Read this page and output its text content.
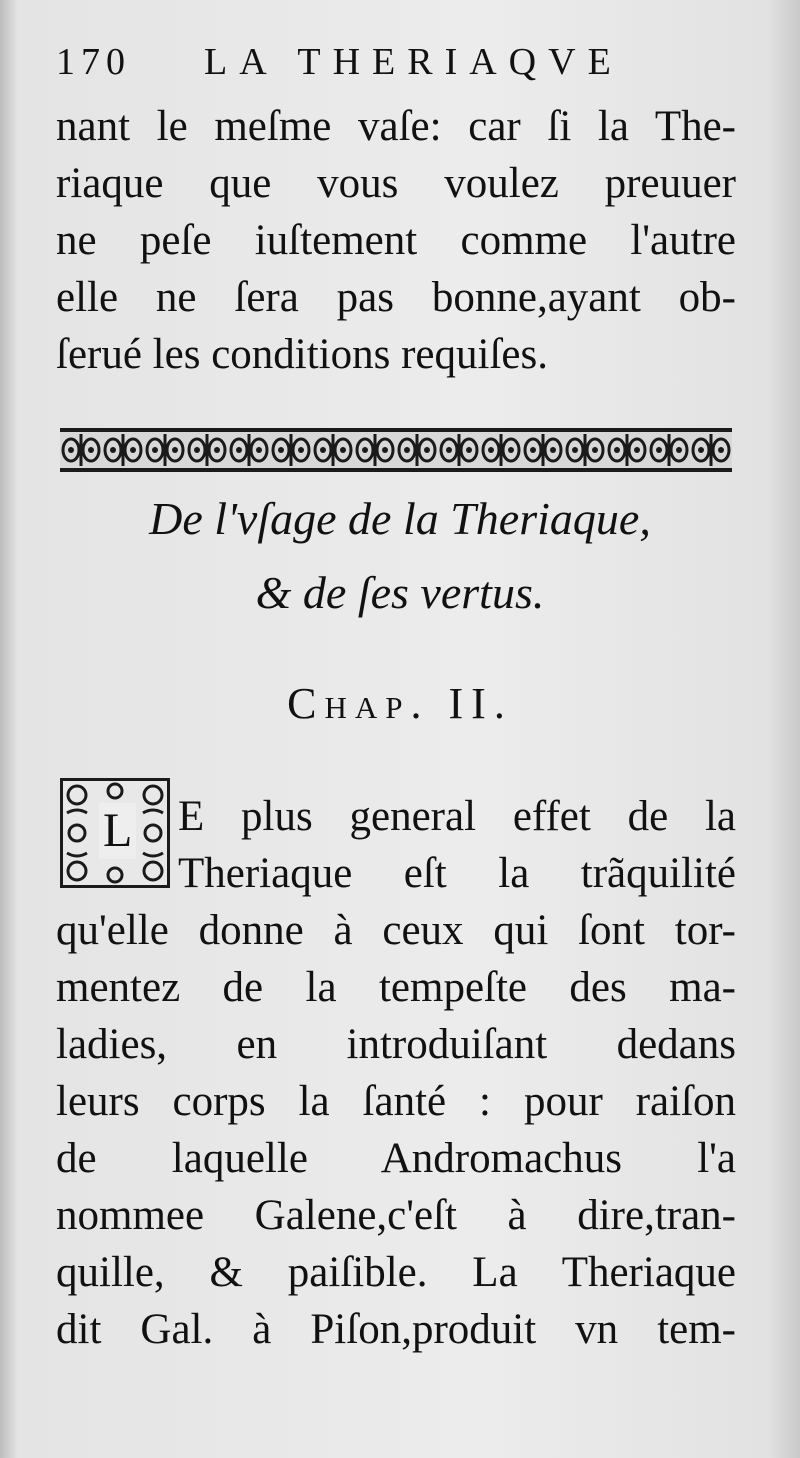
170 LA THERIAQVE
nant le meſme vaſe: car ſi la The-
riaque que vous voulez preuuer
ne peſe iuſtement comme l'autre
elle ne ſera pas bonne,ayant ob-
ſerué les conditions requiſes.
De l'vſage de la Theriaque,
& de ſes vertus.
Chap. II.
L E plus general effet de la
Theriaque eſt la trãquilité
qu'elle donne à ceux qui ſont tor-
mentez de la tempeſte des ma-
ladies, en introduiſant dedans
leurs corps la ſanté : pour raiſon
de laquelle Andromachus l'a
nommee Galene,c'eſt à dire,tran-
quille, & paiſible. La Theriaque
dit Gal. à Piſon,produit vn tem-
